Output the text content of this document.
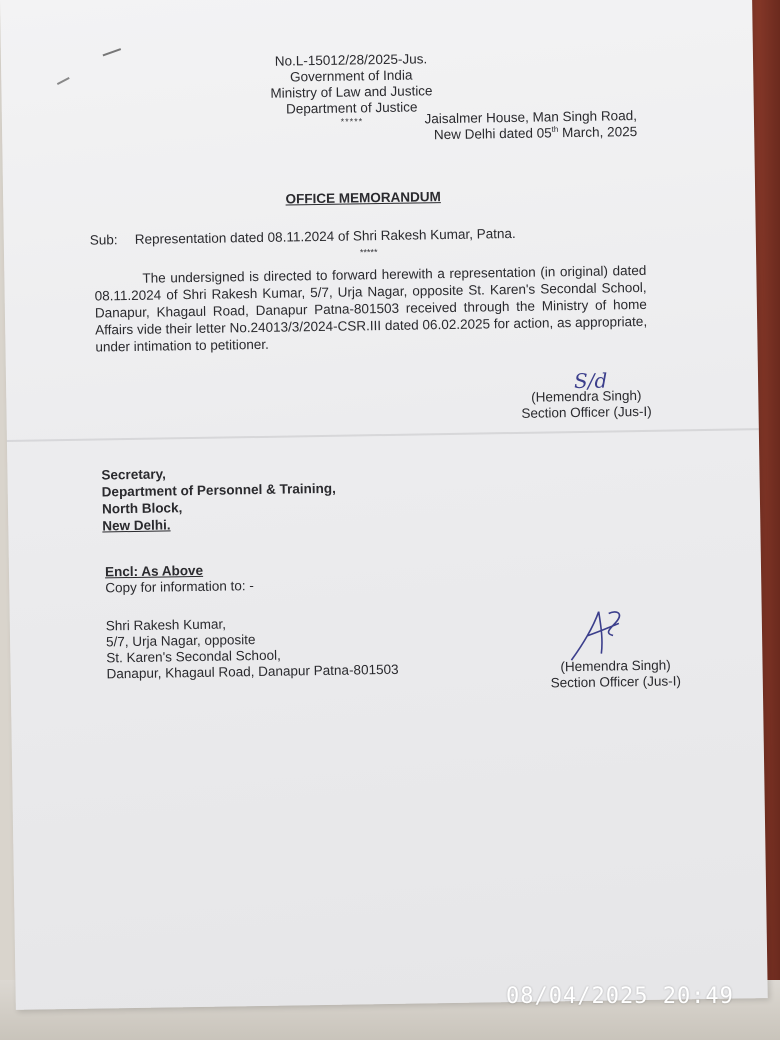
No.L-15012/28/2025-Jus.
Government of India
Ministry of Law and Justice
Department of Justice
*****	Jaisalmer House, Man Singh Road,
New Delhi dated 05th March, 2025
OFFICE MEMORANDUM
Sub: Representation dated 08.11.2024 of Shri Rakesh Kumar, Patna.
*****
The undersigned is directed to forward herewith a representation (in original) dated 08.11.2024 of Shri Rakesh Kumar, 5/7, Urja Nagar, opposite St. Karen's Secondal School, Danapur, Khagaul Road, Danapur Patna-801503 received through the Ministry of home Affairs vide their letter No.24013/3/2024-CSR.III dated 06.02.2025 for action, as appropriate, under intimation to petitioner.
S/d
(Hemendra Singh)
Section Officer (Jus-I)
Secretary,
Department of Personnel & Training,
North Block,
New Delhi.
Encl: As Above
Copy for information to: -
Shri Rakesh Kumar,
5/7, Urja Nagar, opposite
St. Karen's Secondal School,
Danapur, Khagaul Road, Danapur Patna-801503	(Hemendra Singh)
Section Officer (Jus-I)
08/04/2025 20:49
